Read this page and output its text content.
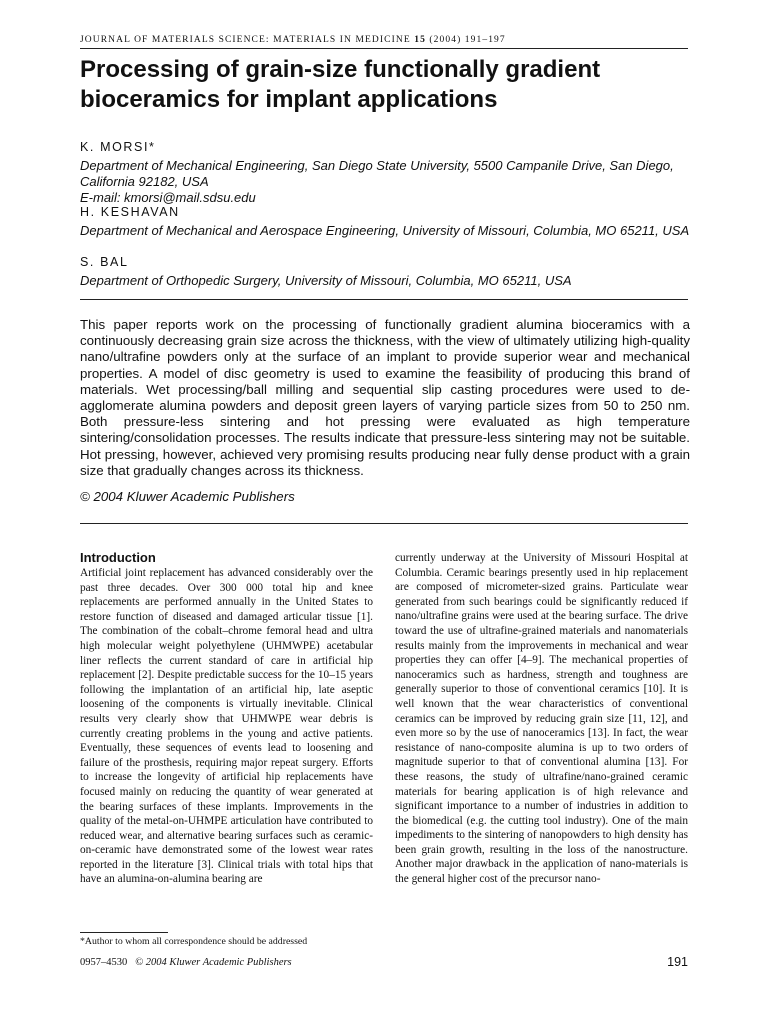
JOURNAL OF MATERIALS SCIENCE: MATERIALS IN MEDICINE 15 (2004) 191–197
Processing of grain-size functionally gradient bioceramics for implant applications
K. MORSI*
Department of Mechanical Engineering, San Diego State University, 5500 Campanile Drive, San Diego, California 92182, USA
E-mail: kmorsi@mail.sdsu.edu
H. KESHAVAN
Department of Mechanical and Aerospace Engineering, University of Missouri, Columbia, MO 65211, USA
S. BAL
Department of Orthopedic Surgery, University of Missouri, Columbia, MO 65211, USA

This paper reports work on the processing of functionally gradient alumina bioceramics with a continuously decreasing grain size across the thickness, with the view of ultimately utilizing high-quality nano/ultrafine powders only at the surface of an implant to provide superior wear and mechanical properties. A model of disc geometry is used to examine the feasibility of producing this brand of materials. Wet processing/ball milling and sequential slip casting procedures were used to de-agglomerate alumina powders and deposit green layers of varying particle sizes from 50 to 250 nm. Both pressure-less sintering and hot pressing were evaluated as high temperature sintering/consolidation processes. The results indicate that pressure-less sintering may not be suitable. Hot pressing, however, achieved very promising results producing near fully dense product with a grain size that gradually changes across its thickness.

© 2004 Kluwer Academic Publishers
Introduction

Artificial joint replacement has advanced considerably over the past three decades. Over 300 000 total hip and knee replacements are performed annually in the United States to restore function of diseased and damaged articular tissue [1]. The combination of the cobalt–chrome femoral head and ultra high molecular weight polyethylene (UHMWPE) acetabular liner reflects the current standard of care in artificial hip replacement [2]. Despite predictable success for the 10–15 years following the implantation of an artificial hip, late aseptic loosening of the components is virtually inevitable. Clinical results very clearly show that UHMWPE wear debris is currently creating problems in the young and active patients. Eventually, these sequences of events lead to loosening and failure of the prosthesis, requiring major repeat surgery. Efforts to increase the longevity of artificial hip replacements have focused mainly on reducing the quantity of wear generated at the bearing surfaces of these implants. Improvements in the quality of the metal-on-UHMPE articulation have contributed to reduced wear, and alternative bearing surfaces such as ceramic-on-ceramic have demonstrated some of the lowest wear rates reported in the literature [3]. Clinical trials with total hips that have an alumina-on-alumina bearing are

currently underway at the University of Missouri Hospital at Columbia. Ceramic bearings presently used in hip replacement are composed of micrometer-sized grains. Particulate wear generated from such bearings could be significantly reduced if nano/ultrafine grains were used at the bearing surface. The drive toward the use of ultrafine-grained materials and nanomaterials results mainly from the improvements in mechanical and wear properties they can offer [4–9]. The mechanical properties of nanoceramics such as hardness, strength and toughness are generally superior to those of conventional ceramics [10]. It is well known that the wear characteristics of conventional ceramics can be improved by reducing grain size [11, 12], and even more so by the use of nanoceramics [13]. In fact, the wear resistance of nano-composite alumina is up to two orders of magnitude superior to that of conventional alumina [13]. For these reasons, the study of ultrafine/nano-grained ceramic materials for bearing application is of high relevance and significant importance to a number of industries in addition to the biomedical (e.g. the cutting tool industry). One of the main impediments to the sintering of nanopowders to high density has been grain growth, resulting in the loss of the nanostructure. Another major drawback in the application of nano-materials is the general higher cost of the precursor nano-

*Author to whom all correspondence should be addressed
0957–4530 © 2004 Kluwer Academic Publishers	191
